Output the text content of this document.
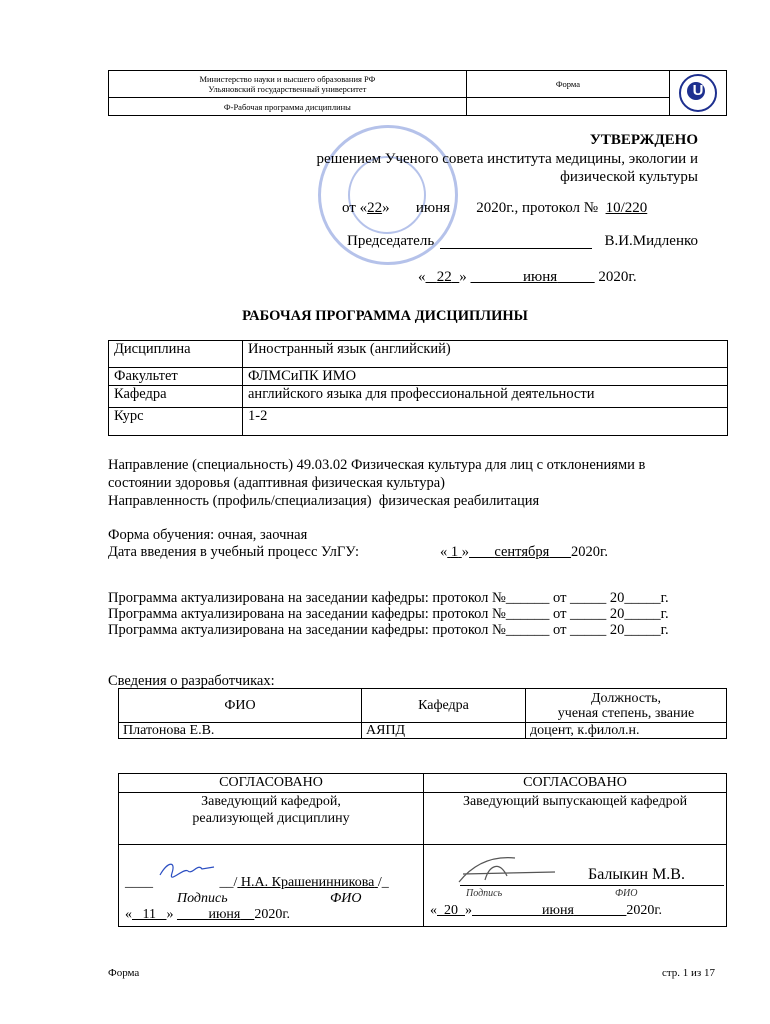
Министерство науки и высшего образования РФ
Ульяновский государственный университет	Форма	
U

Ф-Рабочая программа дисциплины		
УТВЕРЖДЕНО
решением Ученого совета института медицины, экологии и
физической культуры
от «22» июня 2020г., протокол № 10/220
Председатель	В.И.Мидленко
« 22 »	июня	2020г.
РАБОЧАЯ ПРОГРАММА ДИСЦИПЛИНЫ
Дисциплина	Иностранный язык (английский)
Факультет	ФЛМСиПК ИМО
Кафедра	английского языка для профессиональной деятельности
Курс	1-2
Направление (специальность) 49.03.02 Физическая культура для лиц с отклонениями в
состоянии здоровья (адаптивная физическая культура)
Направленность (профиль/специализация) физическая реабилитация
Форма обучения: очная, заочная
Дата введения в учебный процесс УлГУ:	« 1 » сентября 2020г.
Программа актуализирована на заседании кафедры: протокол №______ от _____ 20_____г.
Программа актуализирована на заседании кафедры: протокол №______ от _____ 20_____г.
Программа актуализирована на заседании кафедры: протокол №______ от _____ 20_____г.
Сведения о разработчиках:
ФИО	Кафедра	Должность,
ученая степень, звание

Платонова Е.В.	АЯПД	доцент, к.филол.н.
СОГЛАСОВАНО	СОГЛАСОВАНО

Заведующий кафедрой,
реализующей дисциплину	Заведующий выпускающей кафедрой

____                   __/ Н.А. Крашенинникова /_
Подпись	ФИО
« 11 »          июня 2020г.
Балыкин М.В.
Подпись	ФИО
« 20 »	июня	2020г.
Форма	стр. 1 из 17
